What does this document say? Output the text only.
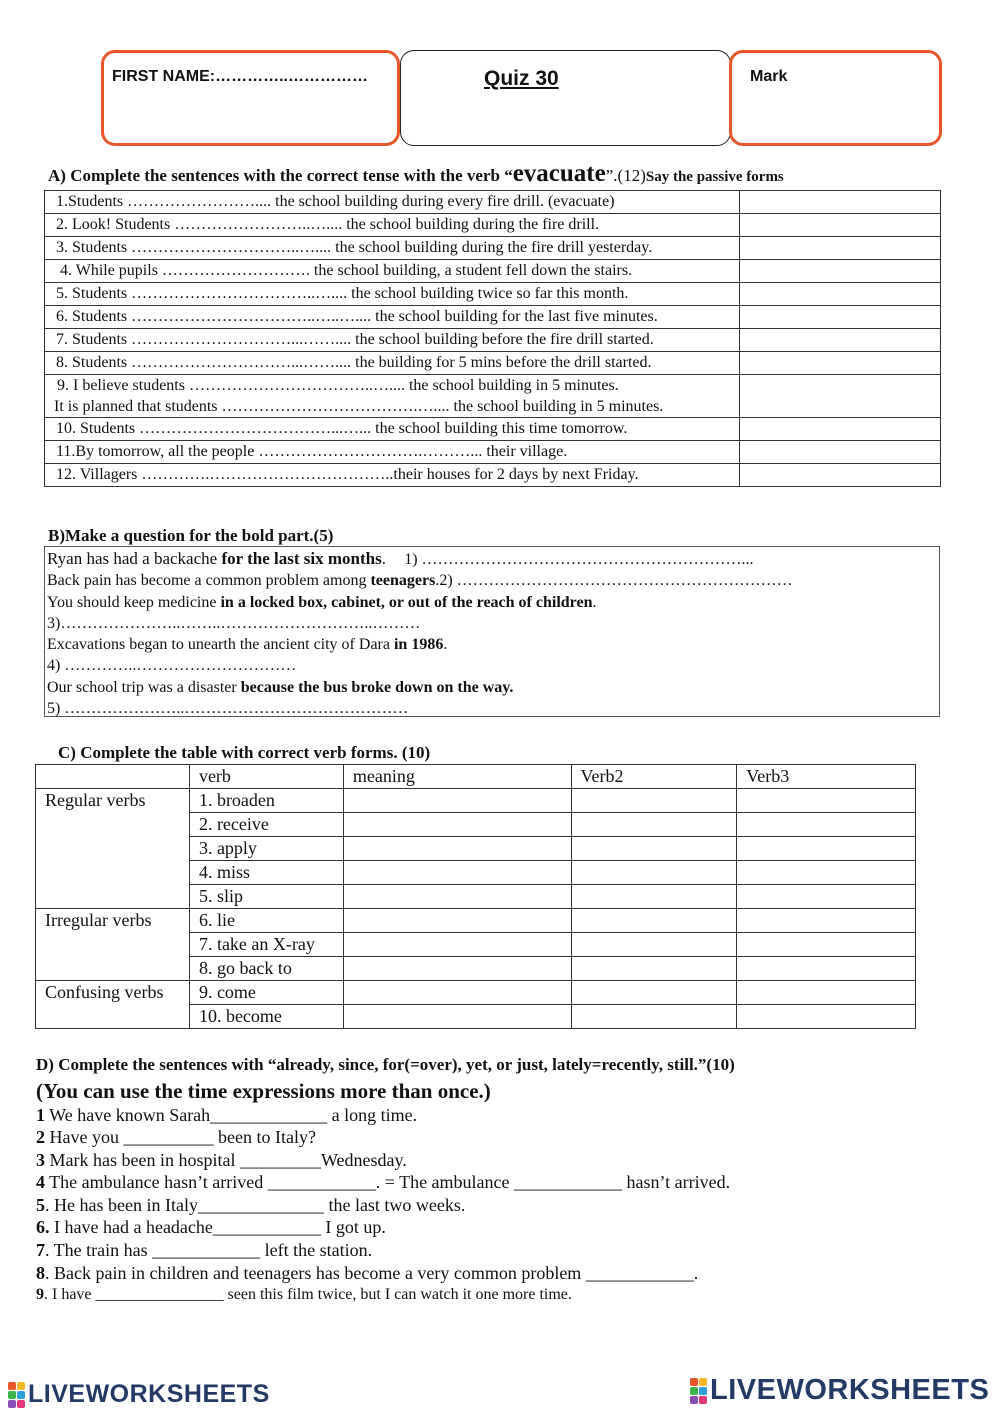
FIRST NAME:…………..……………	Quiz 30	Mark
A) Complete the sentences with the correct tense with the verb “evacuate”.(12)Say the passive forms
1.Students …………………….... the school building during every fire drill. (evacuate)	
2. Look! Students ……………………..….... the school building during the fire drill.	
3. Students …………………………..….... the school building during the fire drill yesterday.	
4. While pupils ………………………. the school building, a student fell down the stairs.	
5. Students ……………………………..….... the school building twice so far this month.	
6. Students ……………………………..…..….... the school building for the last five minutes.	
7. Students …………………………...…….... the school building before the fire drill started.	
8. Students …………………………...…….... the building for 5 mins before the drill started.	

9. I believe students ……………………………..….... the school building in 5 minutes.
It is planned that students ……………………………….….... the school building in 5 minutes.	

10. Students ………………………………...…... the school building this time tomorrow.	
11.By tomorrow, all the people ………………………….………... their village.	
12. Villagers ………….……………………………..their houses for 2 days by next Friday.	
B)Make a question for the bold part.(5)
Ryan has had a backache for the last six months. 1) ……………………………………………………...
Back pain has become a common problem among teenagers.2) ………………………………………………………
You should keep medicine in a locked box, cabinet, or out of the reach of children.
3)…………………..……..………………………..………
Excavations began to unearth the ancient city of Dara in 1986.
4) …………..…………………………
Our school trip was a disaster because the bus broke down on the way.
5) …………………..……………………………………
C) Complete the table with correct verb forms. (10)
	verb	meaning	Verb2	Verb3
Regular verbs	1. broaden			
	2. receive			
	3. apply			
	4. miss			
	5. slip			
Irregular verbs	6. lie			
	7. take an X-ray			
	8. go back to			
Confusing verbs	9. come			
	10. become			
D) Complete the sentences with “already, since, for(=over), yet, or just, lately=recently, still.”(10)
(You can use the time expressions more than once.)
1 We have known Sarah_____________ a long time.
2 Have you __________ been to Italy?
3 Mark has been in hospital _________Wednesday.
4 The ambulance hasn’t arrived ____________. = The ambulance ____________ hasn’t arrived.
5. He has been in Italy______________ the last two weeks.
6. I have had a headache____________ I got up.
7. The train has ____________ left the station.
8. Back pain in children and teenagers has become a very common problem ____________.
9. I have ________________ seen this film twice, but I can watch it one more time.
LIVEWORKSHEETS	LIVEWORKSHEETS
